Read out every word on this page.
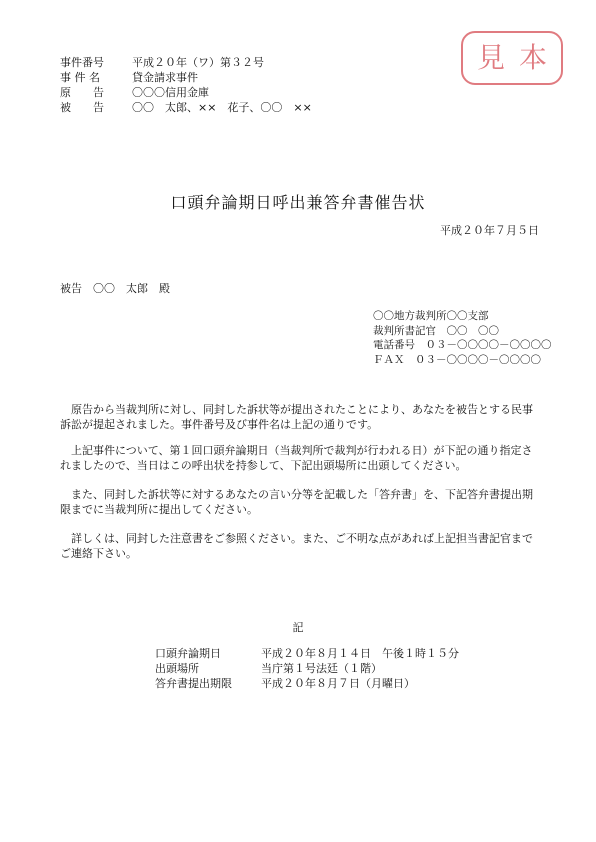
事件番号	平成２０年（ワ）第３２号
事 件 名	貸金請求事件
原　　告	〇〇〇信用金庫
被　　告	〇〇　太郎、××　花子、〇〇　××
見本
口頭弁論期日呼出兼答弁書催告状
平成２０年７月５日
被告　〇〇　太郎　殿
〇〇地方裁判所〇〇支部
裁判所書記官　〇〇　〇〇
電話番号　０３－〇〇〇〇－〇〇〇〇
ＦＡＸ　０３－〇〇〇〇－〇〇〇〇
原告から当裁判所に対し、同封した訴状等が提出されたことにより、あなたを被告とする民事訴訟が提起されました。事件番号及び事件名は上記の通りです。
上記事件について、第１回口頭弁論期日（当裁判所で裁判が行われる日）が下記の通り指定されましたので、当日はこの呼出状を持参して、下記出頭場所に出頭してください。
また、同封した訴状等に対するあなたの言い分等を記載した「答弁書」を、下記答弁書提出期限までに当裁判所に提出してください。
詳しくは、同封した注意書をご参照ください。また、ご不明な点があれば上記担当書記官までご連絡下さい。
記
口頭弁論期日	平成２０年８月１４日　午後１時１５分
出頭場所	当庁第１号法廷（１階）
答弁書提出期限	平成２０年８月７日（月曜日）
